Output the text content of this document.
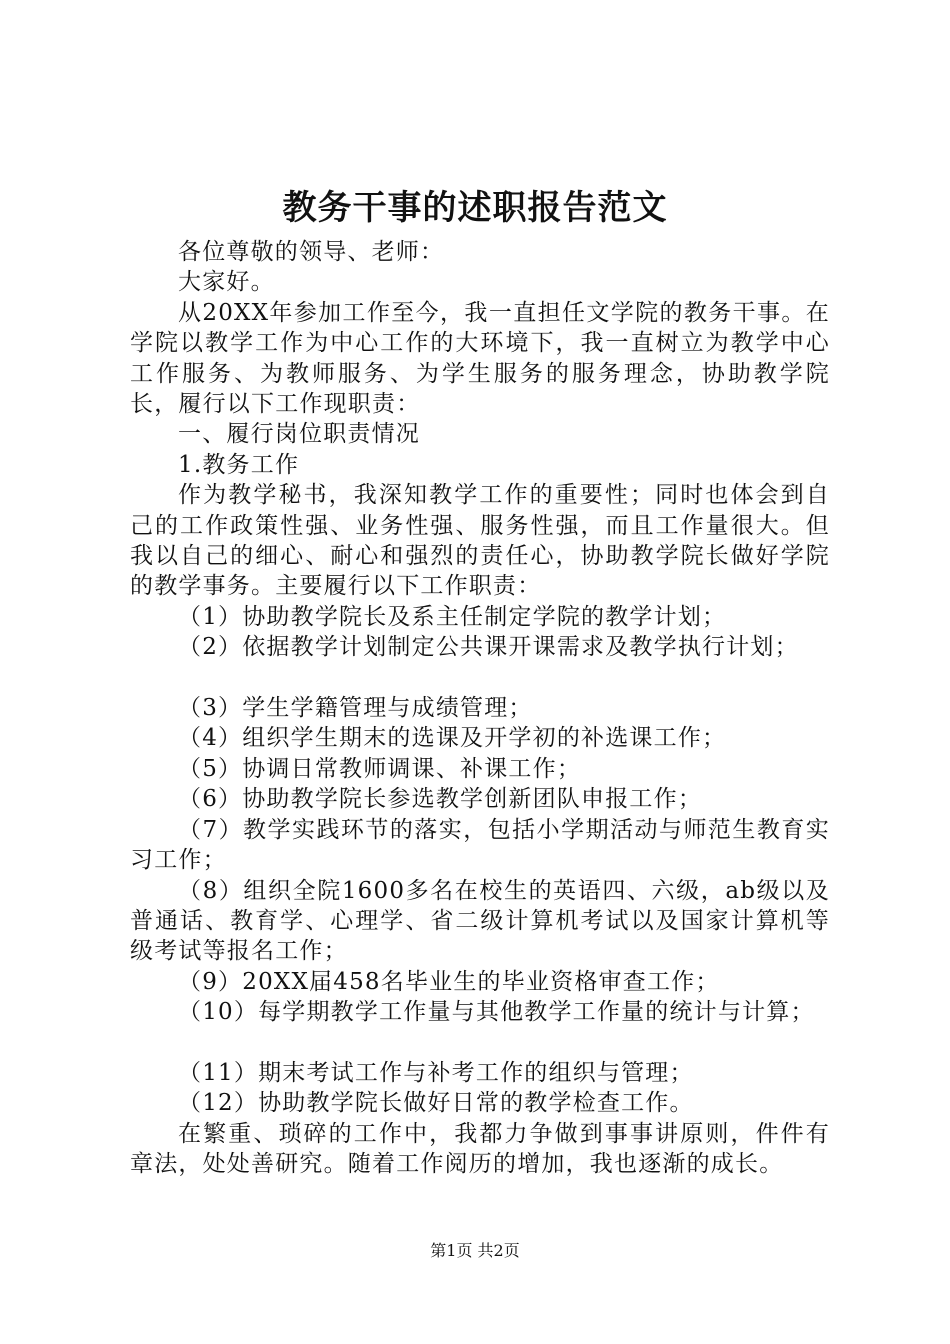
教务干事的述职报告范文

各位尊敬的领导、老师：

大家好。

从20XX年参加工作至今，我一直担任文学院的教务干事。在学院以教学工作为中心工作的大环境下，我一直树立为教学中心工作服务、为教师服务、为学生服务的服务理念，协助教学院长，履行以下工作现职责：

一、履行岗位职责情况

1.教务工作

作为教学秘书，我深知教学工作的重要性；同时也体会到自己的工作政策性强、业务性强、服务性强，而且工作量很大。但我以自己的细心、耐心和强烈的责任心，协助教学院长做好学院的教学事务。主要履行以下工作职责：

（1）协助教学院长及系主任制定学院的教学计划；

（2）依据教学计划制定公共课开课需求及教学执行计划；

（3）学生学籍管理与成绩管理；

（4）组织学生期末的选课及开学初的补选课工作；

（5）协调日常教师调课、补课工作；

（6）协助教学院长参选教学创新团队申报工作；

（7）教学实践环节的落实，包括小学期活动与师范生教育实习工作；

（8）组织全院1600多名在校生的英语四、六级，ab级以及普通话、教育学、心理学、省二级计算机考试以及国家计算机等级考试等报名工作；

（9）20XX届458名毕业生的毕业资格审查工作；

（10）每学期教学工作量与其他教学工作量的统计与计算；

（11）期末考试工作与补考工作的组织与管理；

（12）协助教学院长做好日常的教学检查工作。

在繁重、琐碎的工作中，我都力争做到事事讲原则，件件有章法，处处善研究。随着工作阅历的增加，我也逐渐的成长。

第1页 共2页
